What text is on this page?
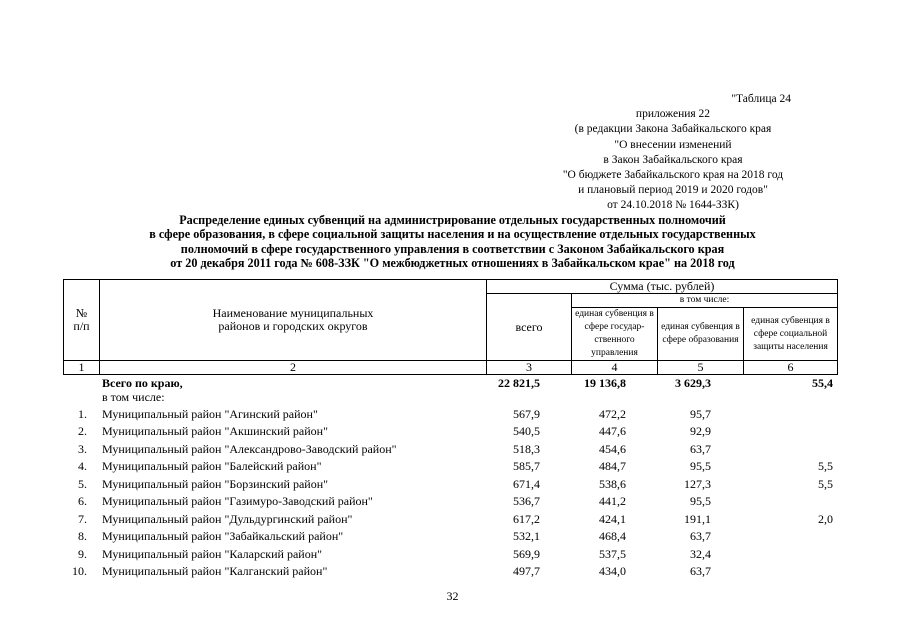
"Таблица 24
приложения 22
(в редакции Закона Забайкальского края
"О внесении изменений
в Закон Забайкальского края
"О бюджете Забайкальского края на 2018 год
и плановый период 2019 и 2020 годов"
от 24.10.2018 № 1644-ЗЗК)
Распределение единых субвенций на администрирование отдельных государственных полномочий
в сфере образования, в сфере социальной защиты населения и на осуществление отдельных государственных
полномочий в сфере государственного управления в соответствии с Законом Забайкальского края
от 20 декабря 2011 года № 608-ЗЗК "О межбюджетных отношениях в Забайкальском крае" на 2018 год
№ п/п	Наименование муниципальных районов и городских округов	Сумма (тыс. рублей)			
		всего	в том числе:		
			единая субвенция в сфере государ-ственного управления	единая субвенция в сфере образования	единая субвенция в сфере социальной защиты населения
1	2	3	4	5	6
Всего по краю,	22 821,5	19 136,8	3 629,3	55,4
в том числе:
1. Муниципальный район "Агинский район"	567,9	472,2	95,7
2. Муниципальный район "Акшинский район"	540,5	447,6	92,9
3. Муниципальный район "Александрово-Заводский район"	518,3	454,6	63,7
4. Муниципальный район "Балейский район"	585,7	484,7	95,5	5,5
5. Муниципальный район "Борзинский район"	671,4	538,6	127,3	5,5
6. Муниципальный район "Газимуро-Заводский район"	536,7	441,2	95,5
7. Муниципальный район "Дульдургинский район"	617,2	424,1	191,1	2,0
8. Муниципальный район "Забайкальский район"	532,1	468,4	63,7
9. Муниципальный район "Каларский район"	569,9	537,5	32,4
10. Муниципальный район "Калганский район"	497,7	434,0	63,7
32
